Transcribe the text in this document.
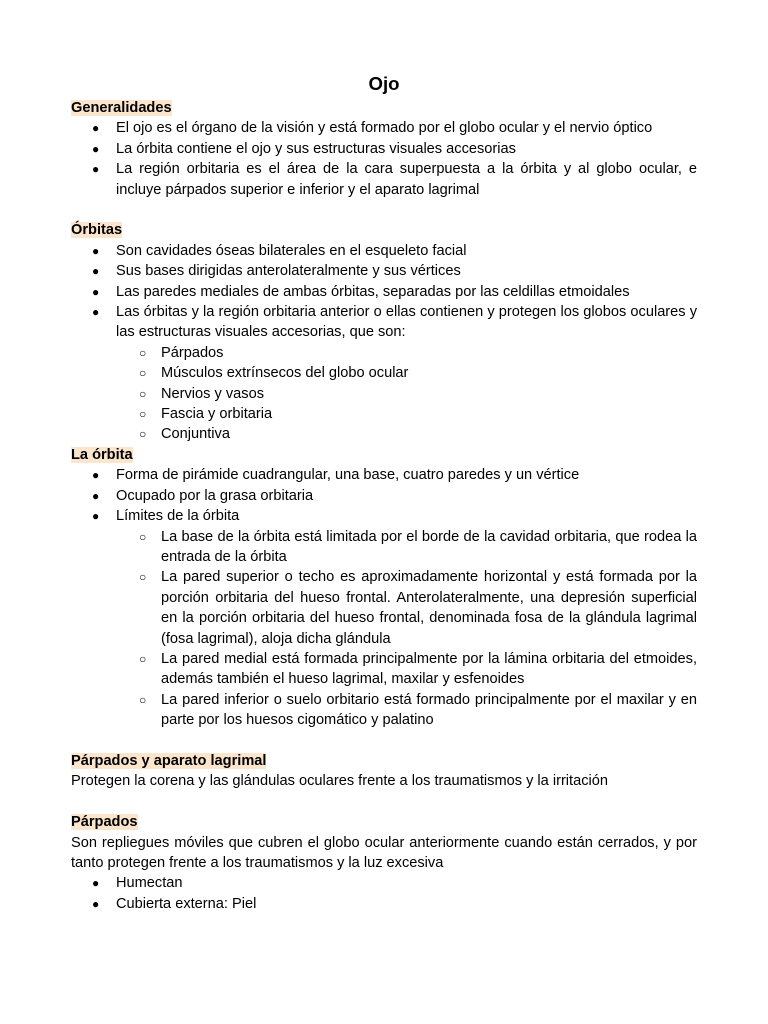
Ojo

Generalidades

● El ojo es el órgano de la visión y está formado por el globo ocular y el nervio óptico
● La órbita contiene el ojo y sus estructuras visuales accesorias
● La región orbitaria es el área de la cara superpuesta a la órbita y al globo ocular, e incluye párpados superior e inferior y el aparato lagrimal

Órbitas

● Son cavidades óseas bilaterales en el esqueleto facial
● Sus bases dirigidas anterolateralmente y sus vértices
● Las paredes mediales de ambas órbitas, separadas por las celdillas etmoidales
● Las órbitas y la región orbitaria anterior o ellas contienen y protegen los globos oculares y las estructuras visuales accesorias, que son:
○ Párpados
○ Músculos extrínsecos del globo ocular
○ Nervios y vasos
○ Fascia y orbitaria
○ Conjuntiva

La órbita

● Forma de pirámide cuadrangular, una base, cuatro paredes y un vértice
● Ocupado por la grasa orbitaria
● Límites de la órbita
○ La base de la órbita está limitada por el borde de la cavidad orbitaria, que rodea la entrada de la órbita
○ La pared superior o techo es aproximadamente horizontal y está formada por la porción orbitaria del hueso frontal. Anterolateralmente, una depresión superficial en la porción orbitaria del hueso frontal, denominada fosa de la glándula lagrimal (fosa lagrimal), aloja dicha glándula
○ La pared medial está formada principalmente por la lámina orbitaria del etmoides, además también el hueso lagrimal, maxilar y esfenoides
○ La pared inferior o suelo orbitario está formado principalmente por el maxilar y en parte por los huesos cigomático y palatino

Párpados y aparato lagrimal

Protegen la corena y las glándulas oculares frente a los traumatismos y la irritación

Párpados

Son repliegues móviles que cubren el globo ocular anteriormente cuando están cerrados, y por tanto protegen frente a los traumatismos y la luz excesiva

● Humectan
● Cubierta externa: Piel
